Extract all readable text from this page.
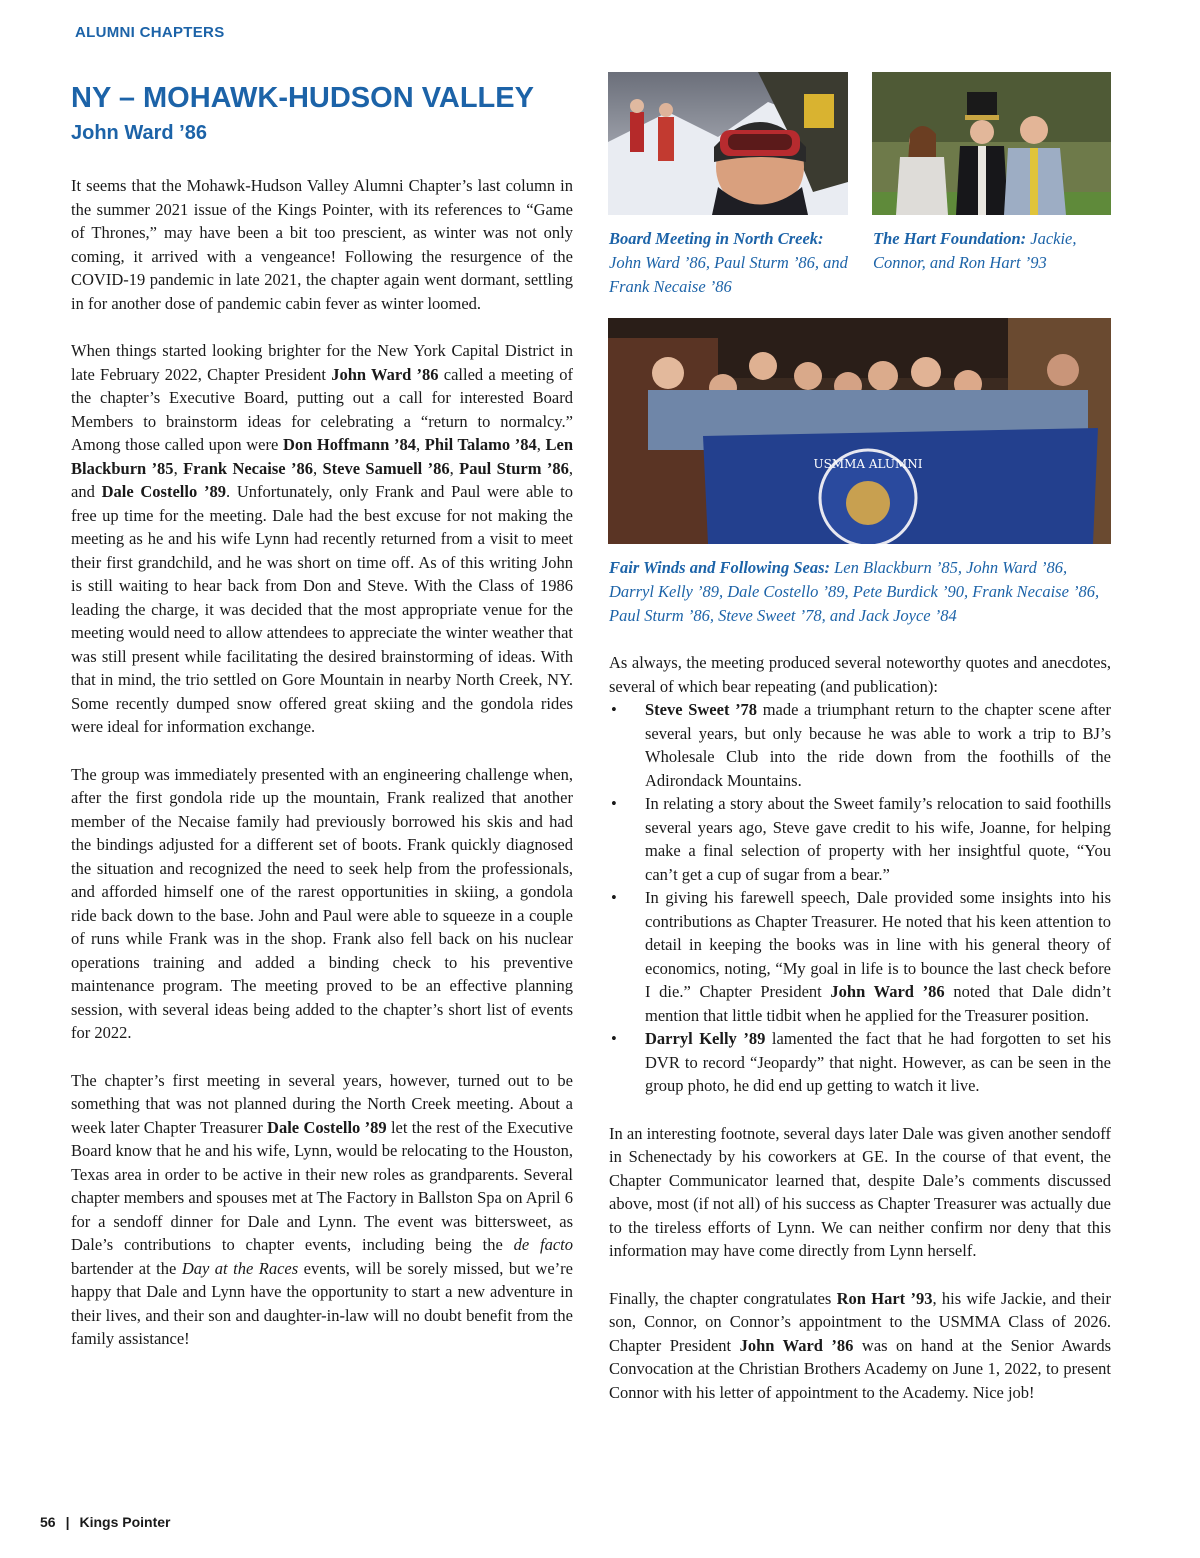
ALUMNI CHAPTERS
NY – MOHAWK-HUDSON VALLEY
John Ward ’86

It seems that the Mohawk-Hudson Valley Alumni Chapter’s last column in the summer 2021 issue of the Kings Pointer, with its references to “Game of Thrones,” may have been a bit too prescient, as winter was not only coming, it arrived with a vengeance! Following the resurgence of the COVID-19 pandemic in late 2021, the chapter again went dormant, settling in for another dose of pandemic cabin fever as winter loomed.

When things started looking brighter for the New York Capital District in late February 2022, Chapter President John Ward ’86 called a meeting of the chapter’s Executive Board, putting out a call for interested Board Members to brainstorm ideas for celebrating a “return to normalcy.” Among those called upon were Don Hoffmann ’84, Phil Talamo ’84, Len Blackburn ’85, Frank Necaise ’86, Steve Samuell ’86, Paul Sturm ’86, and Dale Costello ’89. Unfortunately, only Frank and Paul were able to free up time for the meeting. Dale had the best excuse for not making the meeting as he and his wife Lynn had recently returned from a visit to meet their first grandchild, and he was short on time off. As of this writing John is still waiting to hear back from Don and Steve. With the Class of 1986 leading the charge, it was decided that the most appropriate venue for the meeting would need to allow attendees to appreciate the winter weather that was still present while facilitating the desired brainstorming of ideas. With that in mind, the trio settled on Gore Mountain in nearby North Creek, NY. Some recently dumped snow offered great skiing and the gondola rides were ideal for information exchange.

The group was immediately presented with an engineering challenge when, after the first gondola ride up the mountain, Frank realized that another member of the Necaise family had previously borrowed his skis and had the bindings adjusted for a different set of boots. Frank quickly diagnosed the situation and recognized the need to seek help from the professionals, and afforded himself one of the rarest opportunities in skiing, a gondola ride back down to the base. John and Paul were able to squeeze in a couple of runs while Frank was in the shop. Frank also fell back on his nuclear operations training and added a binding check to his preventive maintenance program. The meeting proved to be an effective planning session, with several ideas being added to the chapter’s short list of events for 2022.

The chapter’s first meeting in several years, however, turned out to be something that was not planned during the North Creek meeting. About a week later Chapter Treasurer Dale Costello ’89 let the rest of the Executive Board know that he and his wife, Lynn, would be relocating to the Houston, Texas area in order to be active in their new roles as grandparents. Several chapter members and spouses met at The Factory in Ballston Spa on April 6 for a sendoff dinner for Dale and Lynn. The event was bittersweet, as Dale’s contributions to chapter events, including being the de facto bartender at the Day at the Races events, will be sorely missed, but we’re happy that Dale and Lynn have the opportunity to start a new adventure in their lives, and their son and daughter-in-law will no doubt benefit from the family assistance!

Board Meeting in North Creek: John Ward ’86, Paul Sturm ’86, and Frank Necaise ’86
The Hart Foundation: Jackie, Connor, and Ron Hart ’93
USMMA ALUMNI
Fair Winds and Following Seas: Len Blackburn ’85, John Ward ’86, Darryl Kelly ’89, Dale Costello ’89, Pete Burdick ’90, Frank Necaise ’86, Paul Sturm ’86, Steve Sweet ’78, and Jack Joyce ’84

As always, the meeting produced several noteworthy quotes and anecdotes, several of which bear repeating (and publication):

• Steve Sweet ’78 made a triumphant return to the chapter scene after several years, but only because he was able to work a trip to BJ’s Wholesale Club into the ride down from the foothills of the Adirondack Mountains.
• In relating a story about the Sweet family’s relocation to said foothills several years ago, Steve gave credit to his wife, Joanne, for helping make a final selection of property with her insightful quote, “You can’t get a cup of sugar from a bear.”
• In giving his farewell speech, Dale provided some insights into his contributions as Chapter Treasurer. He noted that his keen attention to detail in keeping the books was in line with his general theory of economics, noting, “My goal in life is to bounce the last check before I die.” Chapter President John Ward ’86 noted that Dale didn’t mention that little tidbit when he applied for the Treasurer position.
• Darryl Kelly ’89 lamented the fact that he had forgotten to set his DVR to record “Jeopardy” that night. However, as can be seen in the group photo, he did end up getting to watch it live.

In an interesting footnote, several days later Dale was given another sendoff in Schenectady by his coworkers at GE. In the course of that event, the Chapter Communicator learned that, despite Dale’s comments discussed above, most (if not all) of his success as Chapter Treasurer was actually due to the tireless efforts of Lynn. We can neither confirm nor deny that this information may have come directly from Lynn herself.

Finally, the chapter congratulates Ron Hart ’93, his wife Jackie, and their son, Connor, on Connor’s appointment to the USMMA Class of 2026. Chapter President John Ward ’86 was on hand at the Senior Awards Convocation at the Christian Brothers Academy on June 1, 2022, to present Connor with his letter of appointment to the Academy. Nice job!

56 | Kings Pointer
